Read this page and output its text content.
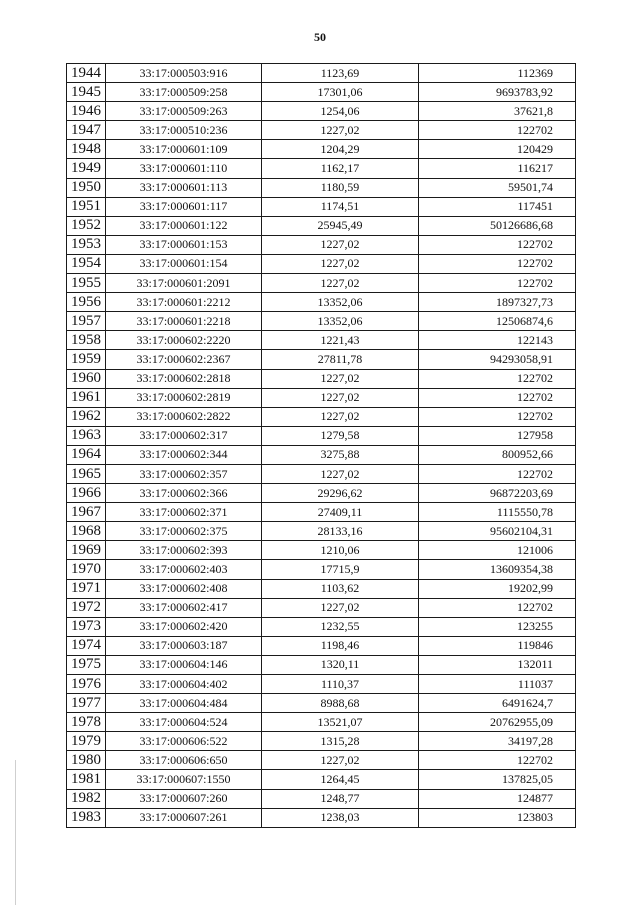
50
1944	33:17:000503:916	1123,69	112369
1945	33:17:000509:258	17301,06	9693783,92
1946	33:17:000509:263	1254,06	37621,8
1947	33:17:000510:236	1227,02	122702
1948	33:17:000601:109	1204,29	120429
1949	33:17:000601:110	1162,17	116217
1950	33:17:000601:113	1180,59	59501,74
1951	33:17:000601:117	1174,51	117451
1952	33:17:000601:122	25945,49	50126686,68
1953	33:17:000601:153	1227,02	122702
1954	33:17:000601:154	1227,02	122702
1955	33:17:000601:2091	1227,02	122702
1956	33:17:000601:2212	13352,06	1897327,73
1957	33:17:000601:2218	13352,06	12506874,6
1958	33:17:000602:2220	1221,43	122143
1959	33:17:000602:2367	27811,78	94293058,91
1960	33:17:000602:2818	1227,02	122702
1961	33:17:000602:2819	1227,02	122702
1962	33:17:000602:2822	1227,02	122702
1963	33:17:000602:317	1279,58	127958
1964	33:17:000602:344	3275,88	800952,66
1965	33:17:000602:357	1227,02	122702
1966	33:17:000602:366	29296,62	96872203,69
1967	33:17:000602:371	27409,11	1115550,78
1968	33:17:000602:375	28133,16	95602104,31
1969	33:17:000602:393	1210,06	121006
1970	33:17:000602:403	17715,9	13609354,38
1971	33:17:000602:408	1103,62	19202,99
1972	33:17:000602:417	1227,02	122702
1973	33:17:000602:420	1232,55	123255
1974	33:17:000603:187	1198,46	119846
1975	33:17:000604:146	1320,11	132011
1976	33:17:000604:402	1110,37	111037
1977	33:17:000604:484	8988,68	6491624,7
1978	33:17:000604:524	13521,07	20762955,09
1979	33:17:000606:522	1315,28	34197,28
1980	33:17:000606:650	1227,02	122702
1981	33:17:000607:1550	1264,45	137825,05
1982	33:17:000607:260	1248,77	124877
1983	33:17:000607:261	1238,03	123803
